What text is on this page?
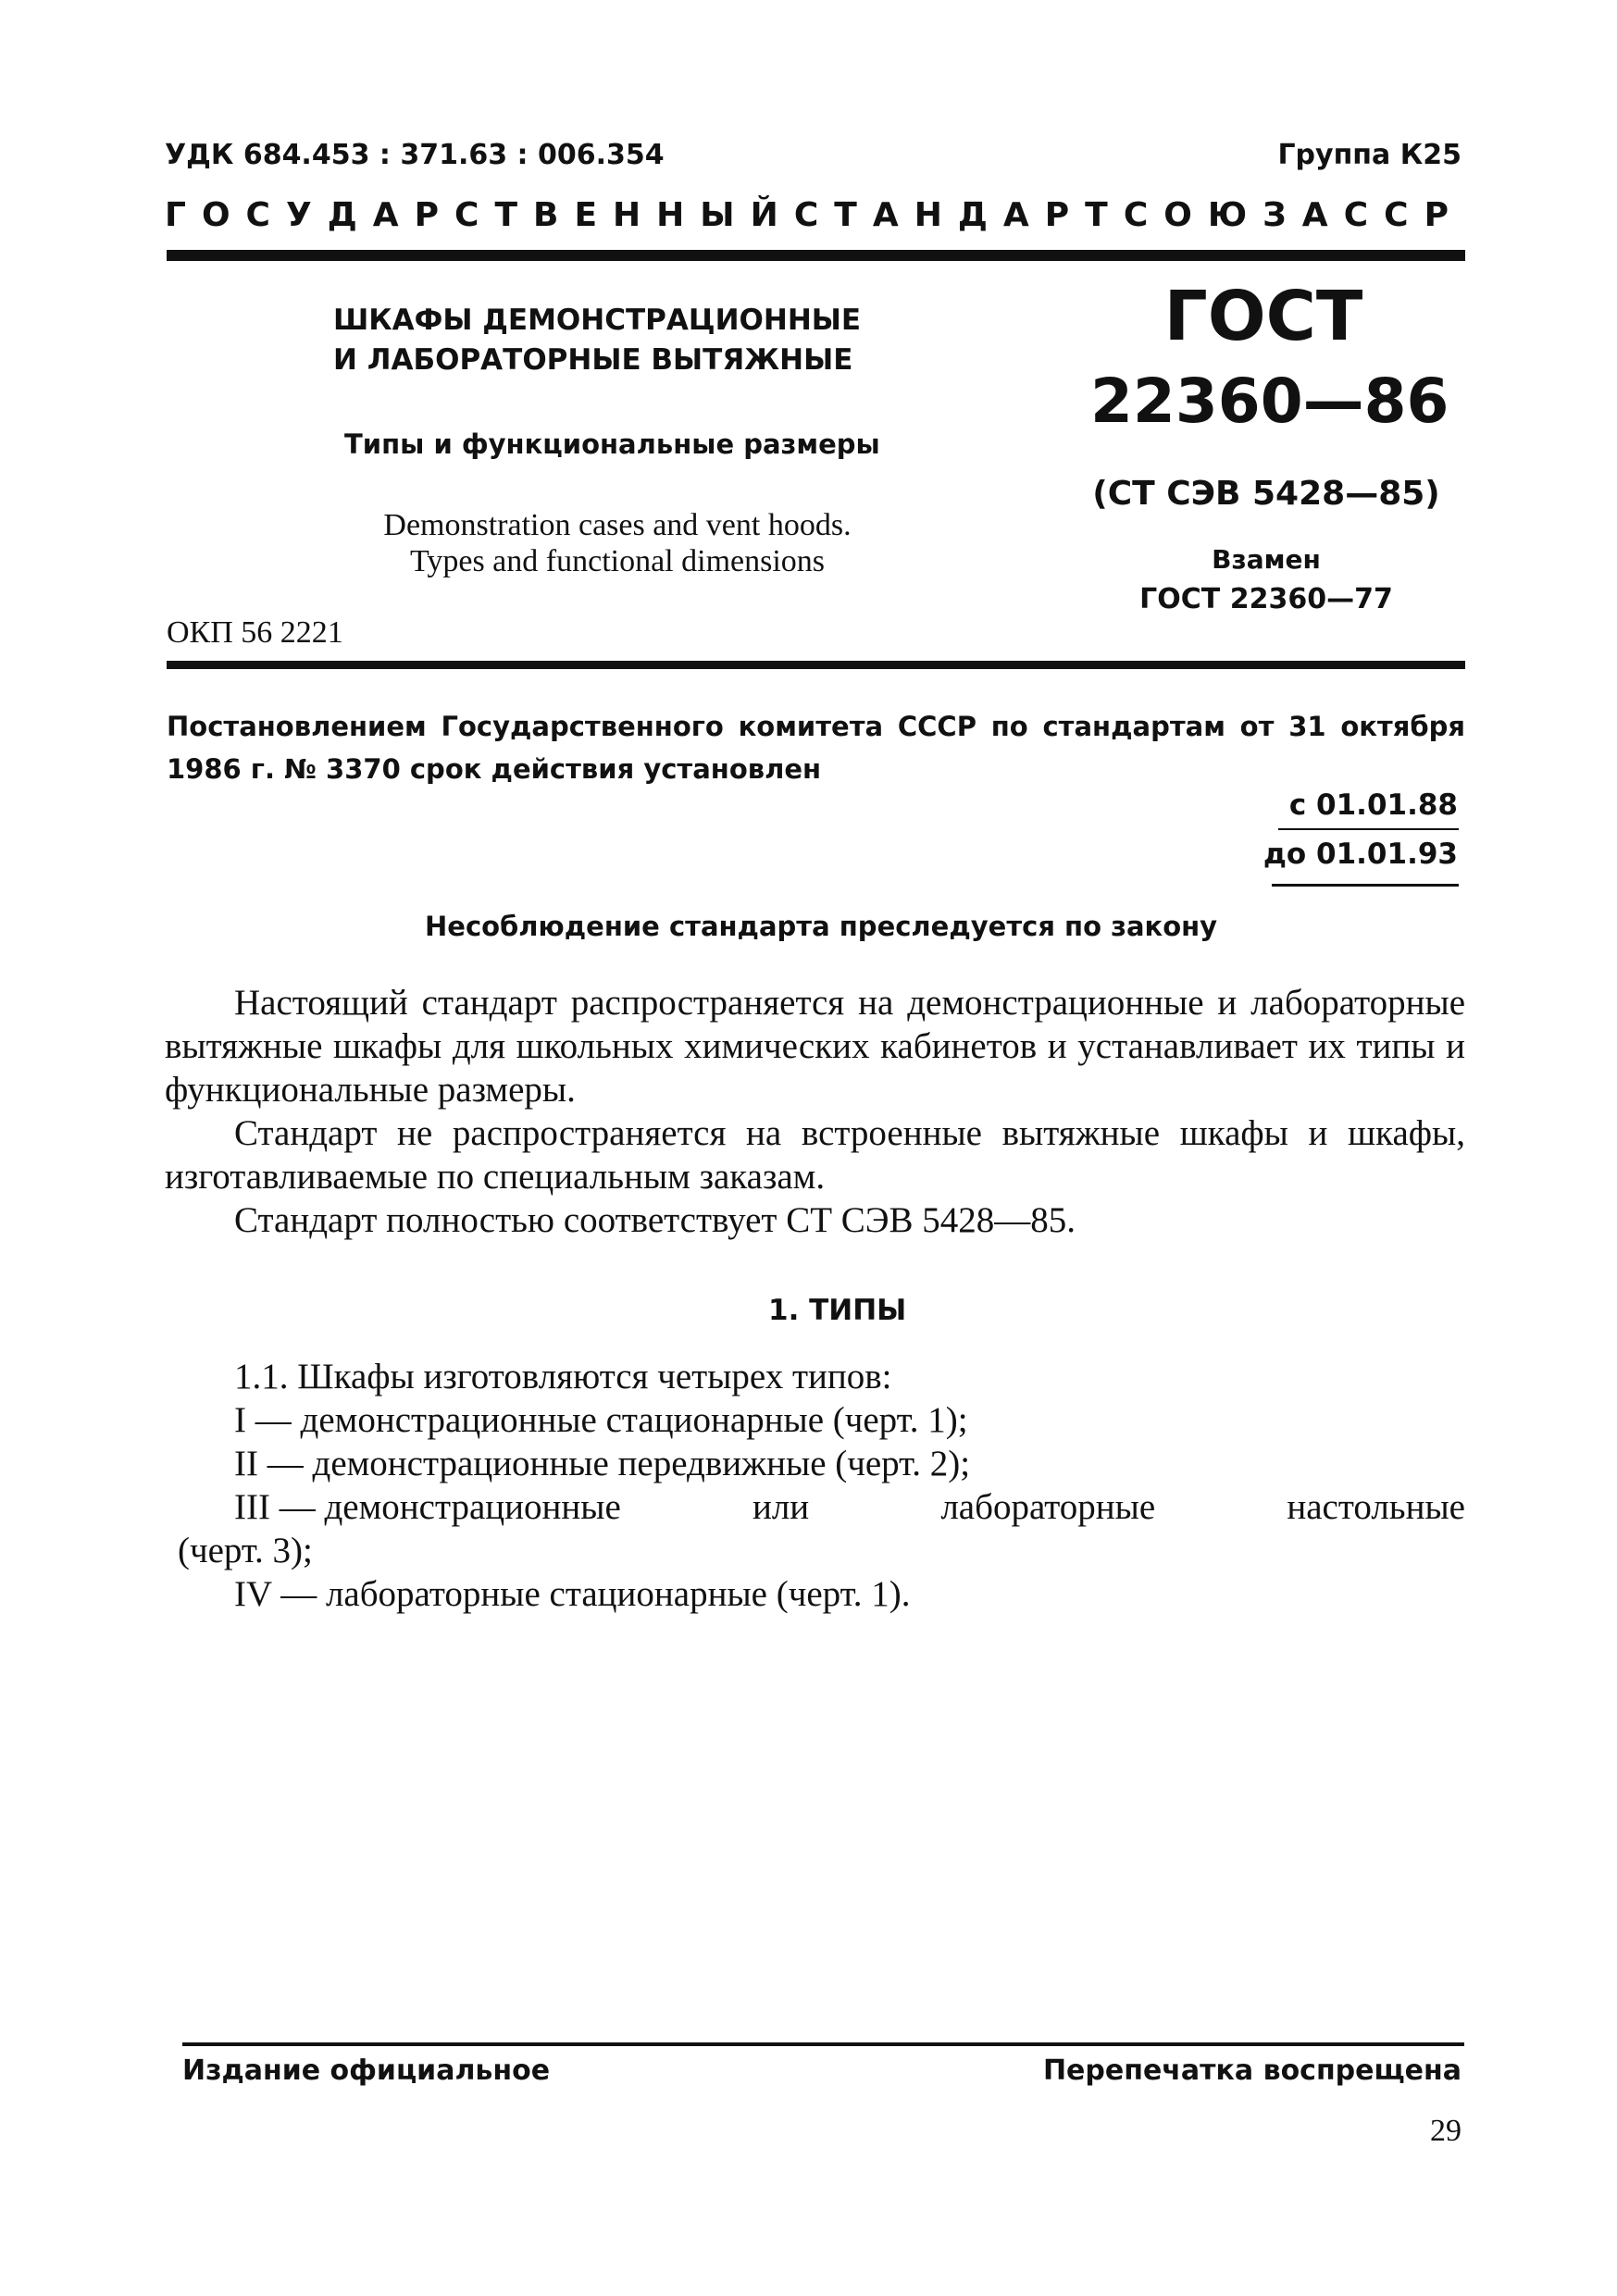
УДК 684.453 : 371.63 : 006.354	Группа К25
ГОСУДАРСТВЕННЫЙ СТАНДАРТ СОЮЗА ССР
ШКАФЫ ДЕМОНСТРАЦИОННЫЕ
И ЛАБОРАТОРНЫЕ ВЫТЯЖНЫЕ
Типы и функциональные размеры
Demonstration cases and vent hoods.
Types and functional dimensions
ОКП 56 2221
ГОСТ
22360—86
(СТ СЭВ 5428—85)
Взамен
ГОСТ 22360—77
Постановлением Государственного комитета СССР по стандартам от 31 октября 1986 г. № 3370 срок действия установлен
с 01.01.88
до 01.01.93
Несоблюдение стандарта преследуется по закону
Настоящий стандарт распространяется на демонстрационные и лабораторные вытяжные шкафы для школьных химических кабинетов и устанавливает их типы и функциональные размеры.
Стандарт не распространяется на встроенные вытяжные шкафы и шкафы, изготавливаемые по специальным заказам.
Стандарт полностью соответствует СТ СЭВ 5428—85.
1. ТИПЫ
1.1. Шкафы изготовляются четырех типов:
I — демонстрационные стационарные (черт. 1);
II — демонстрационные передвижные (черт. 2);
III — демонстрационные	или	лабораторные	настольные
(черт. 3);
IV — лабораторные стационарные (черт. 1).
Издание официальное	Перепечатка воспрещена
29
